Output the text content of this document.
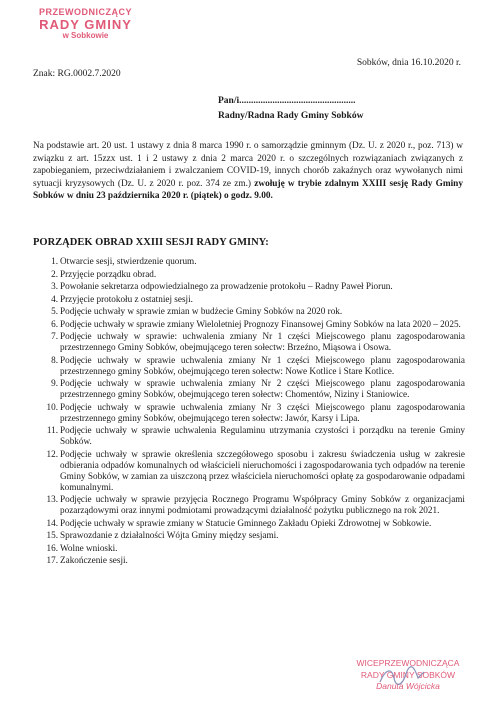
PRZEWODNICZĄCY
RADY GMINY
w Sobkowie
Sobków, dnia 16.10.2020 r.
Znak: RG.0002.7.2020
Pan/i.................................................
Radny/Radna Rady Gminy Sobków
Na podstawie art. 20 ust. 1 ustawy z dnia 8 marca 1990 r. o samorządzie gminnym (Dz. U. z 2020 r., poz. 713) w związku z art. 15zzx ust. 1 i 2 ustawy z dnia 2 marca 2020 r. o szczególnych rozwiązaniach związanych z zapobieganiem, przeciwdziałaniem i zwalczaniem COVID-19, innych chorób zakaźnych oraz wywołanych nimi sytuacji kryzysowych (Dz. U. z 2020 r. poz. 374 ze zm.) zwołuję w trybie zdalnym XXIII sesję Rady Gminy Sobków w dniu 23 października 2020 r. (piątek) o godz. 9.00.
PORZĄDEK OBRAD XXIII SESJI RADY GMINY:
1. Otwarcie sesji, stwierdzenie quorum.
2. Przyjęcie porządku obrad.
3. Powołanie sekretarza odpowiedzialnego za prowadzenie protokołu – Radny Paweł Piorun.
4. Przyjęcie protokołu z ostatniej sesji.
5. Podjęcie uchwały w sprawie zmian w budżecie Gminy Sobków na 2020 rok.
6. Podjęcie uchwały w sprawie zmiany Wieloletniej Prognozy Finansowej Gminy Sobków na lata 2020 – 2025.
7. Podjęcie uchwały w sprawie: uchwalenia zmiany Nr 1 części Miejscowego planu zagospodarowania przestrzennego Gminy Sobków, obejmującego teren sołectw: Brzeźno, Miąsowa i Osowa.
8. Podjęcie uchwały w sprawie uchwalenia zmiany Nr 1 części Miejscowego planu zagospodarowania przestrzennego gminy Sobków, obejmującego teren sołectw: Nowe Kotlice i Stare Kotlice.
9. Podjęcie uchwały w sprawie uchwalenia zmiany Nr 2 części Miejscowego planu zagospodarowania przestrzennego gminy Sobków, obejmującego teren sołectw: Chomentów, Niziny i Staniowice.
10. Podjęcie uchwały w sprawie uchwalenia zmiany Nr 3 części Miejscowego planu zagospodarowania przestrzennego gminy Sobków, obejmującego teren sołectw: Jawór, Karsy i Lipa.
11. Podjęcie uchwały w sprawie uchwalenia Regulaminu utrzymania czystości i porządku na terenie Gminy Sobków.
12. Podjęcie uchwały w sprawie określenia szczegółowego sposobu i zakresu świadczenia usług w zakresie odbierania odpadów komunalnych od właścicieli nieruchomości i zagospodarowania tych odpadów na terenie Gminy Sobków, w zamian za uiszczoną przez właściciela nieruchomości opłatę za gospodarowanie odpadami komunalnymi.
13. Podjęcie uchwały w sprawie przyjęcia Rocznego Programu Współpracy Gminy Sobków z organizacjami pozarządowymi oraz innymi podmiotami prowadzącymi działalność pożytku publicznego na rok 2021.
14. Podjęcie uchwały w sprawie zmiany w Statucie Gminnego Zakładu Opieki Zdrowotnej w Sobkowie.
15. Sprawozdanie z działalności Wójta Gminy między sesjami.
16. Wolne wnioski.
17. Zakończenie sesji.
WICEPRZEWODNICZĄCA
RADY GMINY SOBKÓW
Danuta Wójcicka
